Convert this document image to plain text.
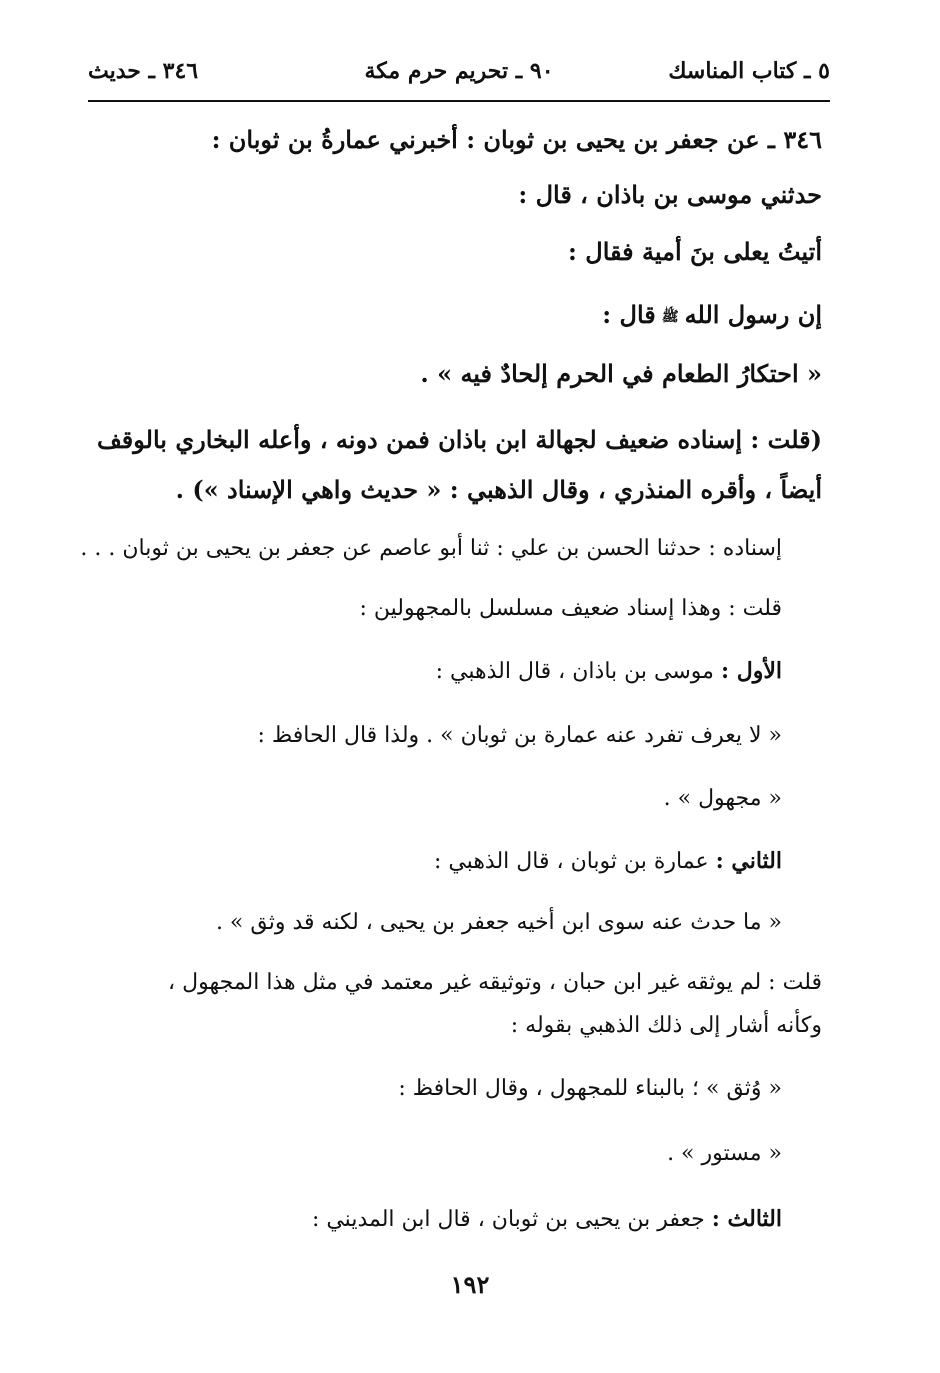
٥ ـ كتاب المناسك
٩٠ ـ تحريم حرم مكة
٣٤٦ ـ حديث

٣٤٦ ـ عن جعفر بن يحيى بن ثوبان : أخبرني عمارةُ بن ثوبان :

حدثني موسى بن باذان ، قال :

أتيتُ يعلى بنَ أمية فقال :

إن رسول اللهﷺقال :

« احتكارُ الطعام في الحرم إلحادٌ فيه » .

(قلت : إسناده ضعيف لجهالة ابن باذان فمن دونه ، وأعله البخاري بالوقف

أيضاً ، وأقره المنذري ، وقال الذهبي : « حديث واهي الإسناد ») .

إسناده : حدثنا الحسن بن علي : ثنا أبو عاصم عن جعفر بن يحيى بن ثوبان . . .

قلت : وهذا إسناد ضعيف مسلسل بالمجهولين :

الأول : موسى بن باذان ، قال الذهبي :

« لا يعرف تفرد عنه عمارة بن ثوبان » . ولذا قال الحافظ :

« مجهول » .

الثاني : عمارة بن ثوبان ، قال الذهبي :

« ما حدث عنه سوى ابن أخيه جعفر بن يحيى ، لكنه قد وثق » .

قلت : لم يوثقه غير ابن حبان ، وتوثيقه غير معتمد في مثل هذا المجهول ،

وكأنه أشار إلى ذلك الذهبي بقوله :

« وُثق » ؛ بالبناء للمجهول ، وقال الحافظ :

« مستور » .

الثالث : جعفر بن يحيى بن ثوبان ، قال ابن المديني :

١٩٢
